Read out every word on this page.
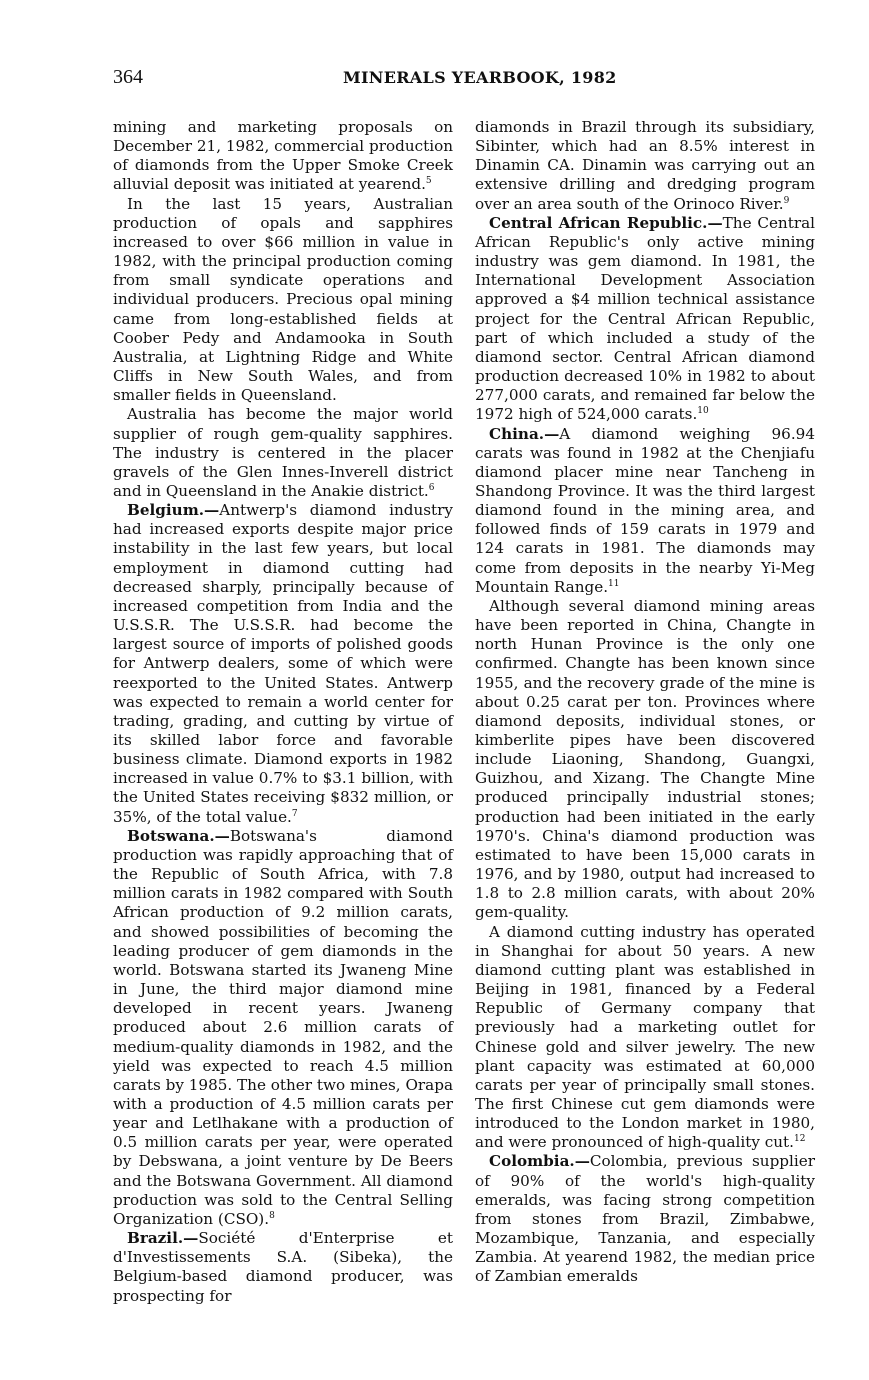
364	MINERALS YEARBOOK, 1982

mining and marketing proposals on December 21, 1982, commercial production of diamonds from the Upper Smoke Creek alluvial deposit was initiated at yearend.$^5$

In the last 15 years, Australian production of opals and sapphires increased to over $66 million in value in 1982, with the principal production coming from small syndicate operations and individual producers. Precious opal mining came from long-established fields at Coober Pedy and Andamooka in South Australia, at Lightning Ridge and White Cliffs in New South Wales, and from smaller fields in Queensland.

Australia has become the major world supplier of rough gem-quality sapphires. The industry is centered in the placer gravels of the Glen Innes-Inverell district and in Queensland in the Anakie district.$^6$

Belgium.—Antwerp's diamond industry had increased exports despite major price instability in the last few years, but local employment in diamond cutting had decreased sharply, principally because of increased competition from India and the U.S.S.R. The U.S.S.R. had become the largest source of imports of polished goods for Antwerp dealers, some of which were reexported to the United States. Antwerp was expected to remain a world center for trading, grading, and cutting by virtue of its skilled labor force and favorable business climate. Diamond exports in 1982 increased in value 0.7% to $3.1 billion, with the United States receiving $832 million, or 35%, of the total value.$^7$

Botswana.—Botswana's diamond production was rapidly approaching that of the Republic of South Africa, with 7.8 million carats in 1982 compared with South African production of 9.2 million carats, and showed possibilities of becoming the leading producer of gem diamonds in the world. Botswana started its Jwaneng Mine in June, the third major diamond mine developed in recent years. Jwaneng produced about 2.6 million carats of medium-quality diamonds in 1982, and the yield was expected to reach 4.5 million carats by 1985. The other two mines, Orapa with a production of 4.5 million carats per year and Letlhakane with a production of 0.5 million carats per year, were operated by Debswana, a joint venture by De Beers and the Botswana Government. All diamond production was sold to the Central Selling Organization (CSO).$^8$

Brazil.—Société d'Enterprise et d'Investissements S.A. (Sibeka), the Belgium-based diamond producer, was prospecting for

diamonds in Brazil through its subsidiary, Sibinter, which had an 8.5% interest in Dinamin CA. Dinamin was carrying out an extensive drilling and dredging program over an area south of the Orinoco River.$^9$

Central African Republic.—The Central African Republic's only active mining industry was gem diamond. In 1981, the International Development Association approved a $4 million technical assistance project for the Central African Republic, part of which included a study of the diamond sector. Central African diamond production decreased 10% in 1982 to about 277,000 carats, and remained far below the 1972 high of 524,000 carats.$^{10}$

China.—A diamond weighing 96.94 carats was found in 1982 at the Chenjiafu diamond placer mine near Tancheng in Shandong Province. It was the third largest diamond found in the mining area, and followed finds of 159 carats in 1979 and 124 carats in 1981. The diamonds may come from deposits in the nearby Yi-Meg Mountain Range.$^{11}$

Although several diamond mining areas have been reported in China, Changte in north Hunan Province is the only one confirmed. Changte has been known since 1955, and the recovery grade of the mine is about 0.25 carat per ton. Provinces where diamond deposits, individual stones, or kimberlite pipes have been discovered include Liaoning, Shandong, Guangxi, Guizhou, and Xizang. The Changte Mine produced principally industrial stones; production had been initiated in the early 1970's. China's diamond production was estimated to have been 15,000 carats in 1976, and by 1980, output had increased to 1.8 to 2.8 million carats, with about 20% gem-quality.

A diamond cutting industry has operated in Shanghai for about 50 years. A new diamond cutting plant was established in Beijing in 1981, financed by a Federal Republic of Germany company that previously had a marketing outlet for Chinese gold and silver jewelry. The new plant capacity was estimated at 60,000 carats per year of principally small stones. The first Chinese cut gem diamonds were introduced to the London market in 1980, and were pronounced of high-quality cut.$^{12}$

Colombia.—Colombia, previous supplier of 90% of the world's high-quality emeralds, was facing strong competition from stones from Brazil, Zimbabwe, Mozambique, Tanzania, and especially Zambia. At yearend 1982, the median price of Zambian emeralds
